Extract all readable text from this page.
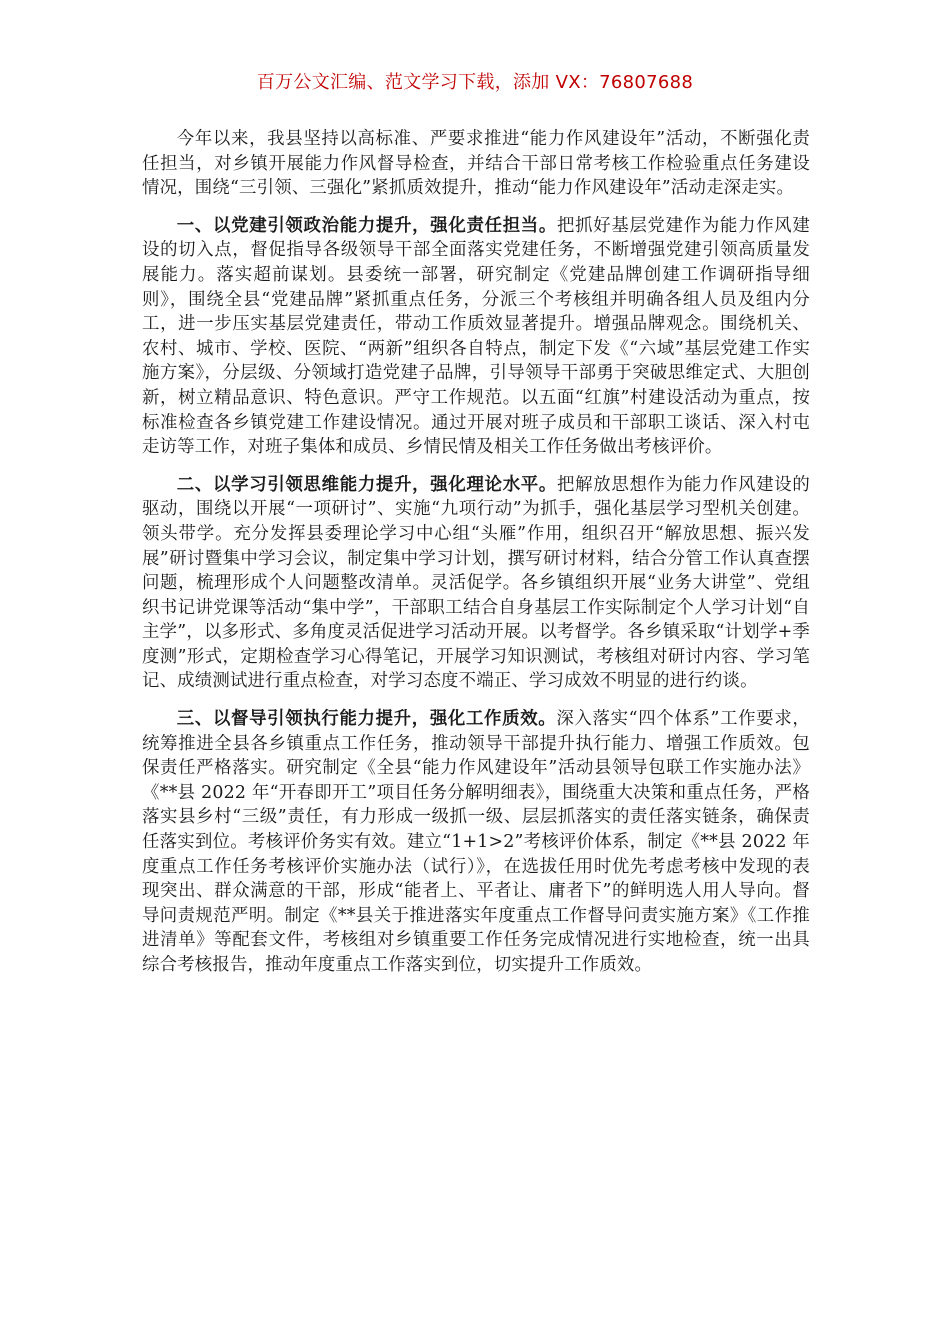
百万公文汇编、范文学习下载，添加 VX：76807688

今年以来，我县坚持以高标准、严要求推进“能力作风建设年”活动，不断强化责任担当，对乡镇开展能力作风督导检查，并结合干部日常考核工作检验重点任务建设情况，围绕“三引领、三强化”紧抓质效提升，推动“能力作风建设年”活动走深走实。

一、以党建引领政治能力提升，强化责任担当。把抓好基层党建作为能力作风建设的切入点，督促指导各级领导干部全面落实党建任务，不断增强党建引领高质量发展能力。落实超前谋划。县委统一部署，研究制定《党建品牌创建工作调研指导细则》，围绕全县“党建品牌”紧抓重点任务，分派三个考核组并明确各组人员及组内分工，进一步压实基层党建责任，带动工作质效显著提升。增强品牌观念。围绕机关、农村、城市、学校、医院、“两新”组织各自特点，制定下发《“六域”基层党建工作实施方案》，分层级、分领域打造党建子品牌，引导领导干部勇于突破思维定式、大胆创新，树立精品意识、特色意识。严守工作规范。以五面“红旗”村建设活动为重点，按标准检查各乡镇党建工作建设情况。通过开展对班子成员和干部职工谈话、深入村屯走访等工作，对班子集体和成员、乡情民情及相关工作任务做出考核评价。

二、以学习引领思维能力提升，强化理论水平。把解放思想作为能力作风建设的驱动，围绕以开展“一项研讨”、实施“九项行动”为抓手，强化基层学习型机关创建。领头带学。充分发挥县委理论学习中心组“头雁”作用，组织召开“解放思想、振兴发展”研讨暨集中学习会议，制定集中学习计划，撰写研讨材料，结合分管工作认真查摆问题，梳理形成个人问题整改清单。灵活促学。各乡镇组织开展“业务大讲堂”、党组织书记讲党课等活动“集中学”，干部职工结合自身基层工作实际制定个人学习计划“自主学”，以多形式、多角度灵活促进学习活动开展。以考督学。各乡镇采取“计划学+季度测”形式，定期检查学习心得笔记，开展学习知识测试，考核组对研讨内容、学习笔记、成绩测试进行重点检查，对学习态度不端正、学习成效不明显的进行约谈。

三、以督导引领执行能力提升，强化工作质效。深入落实“四个体系”工作要求，统筹推进全县各乡镇重点工作任务，推动领导干部提升执行能力、增强工作质效。包保责任严格落实。研究制定《全县“能力作风建设年”活动县领导包联工作实施办法》《**县 2022 年“开春即开工”项目任务分解明细表》，围绕重大决策和重点任务，严格落实县乡村“三级”责任，有力形成一级抓一级、层层抓落实的责任落实链条，确保责任落实到位。考核评价务实有效。建立“1+1>2”考核评价体系，制定《**县 2022 年度重点工作任务考核评价实施办法（试行）》，在选拔任用时优先考虑考核中发现的表现突出、群众满意的干部，形成“能者上、平者让、庸者下”的鲜明选人用人导向。督导问责规范严明。制定《**县关于推进落实年度重点工作督导问责实施方案》《工作推进清单》等配套文件，考核组对乡镇重要工作任务完成情况进行实地检查，统一出具综合考核报告，推动年度重点工作落实到位，切实提升工作质效。
